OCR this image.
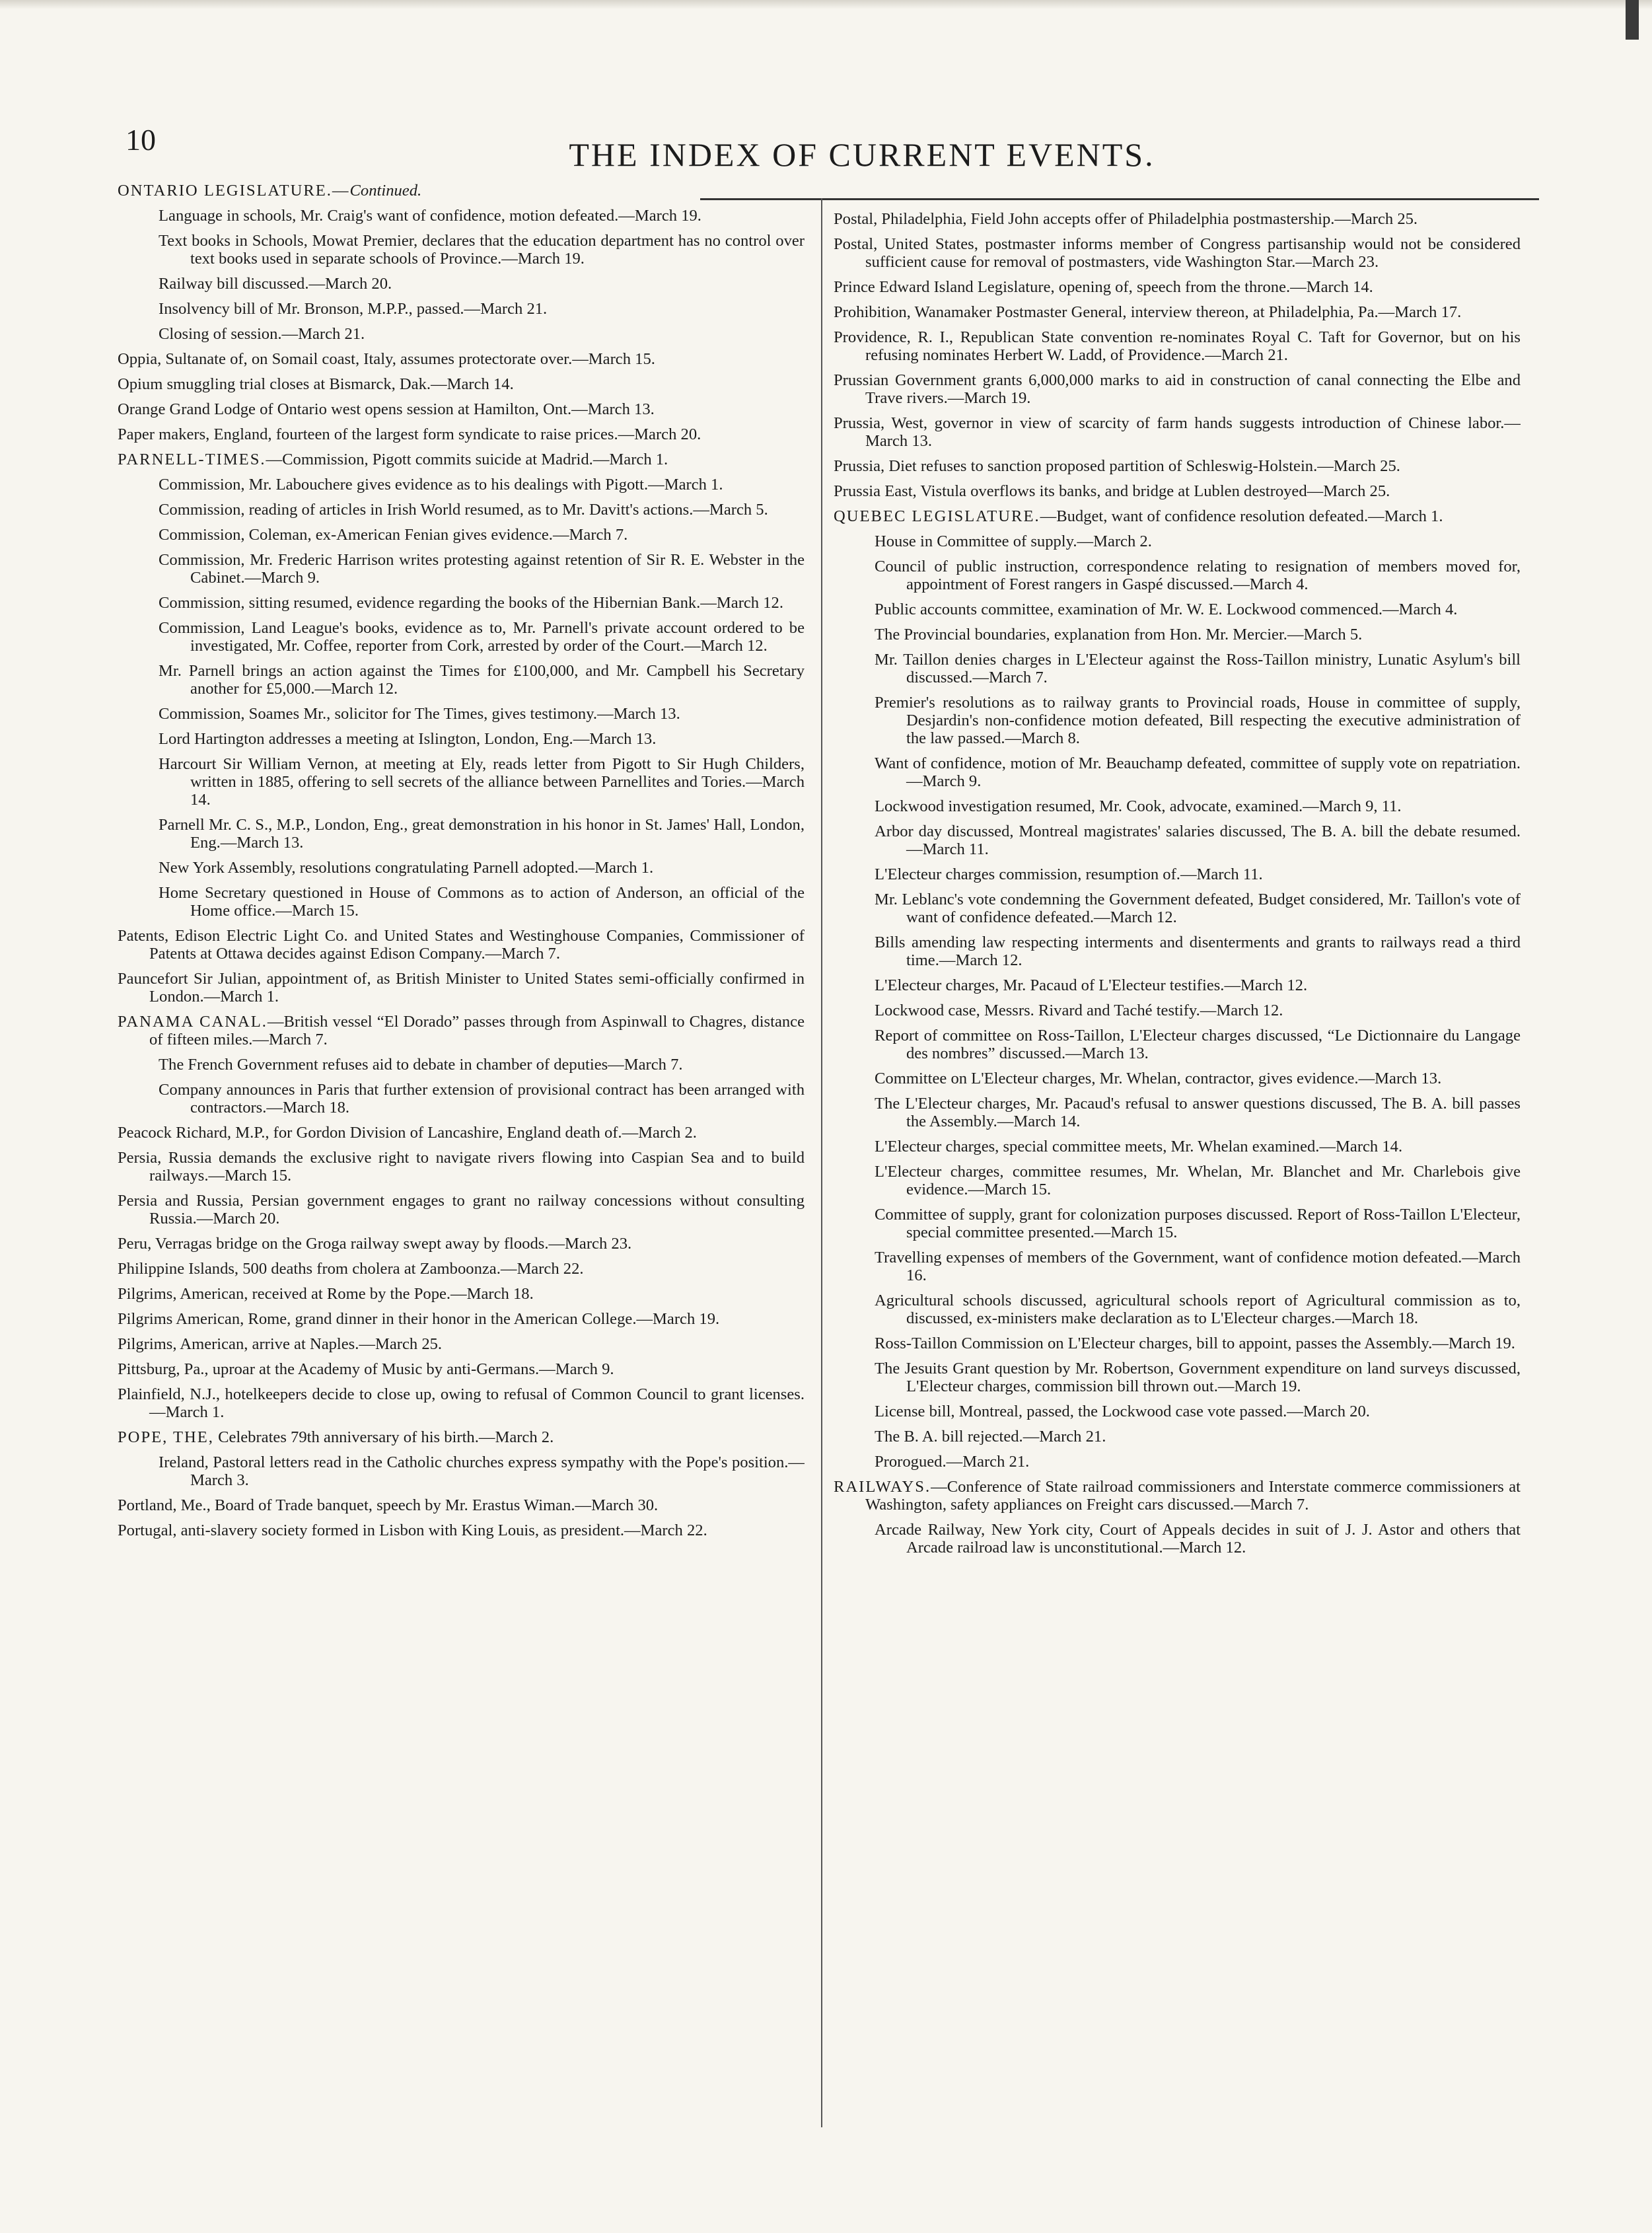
10	THE INDEX OF CURRENT EVENTS.

ONTARIO LEGISLATURE.—Continued.

Language in schools, Mr. Craig's want of confidence, motion defeated.—March 19.

Text books in Schools, Mowat Premier, declares that the education department has no control over text books used in separate schools of Province.—March 19.

Railway bill discussed.—March 20.

Insolvency bill of Mr. Bronson, M.P.P., passed.—March 21.

Closing of session.—March 21.

Oppia, Sultanate of, on Somail coast, Italy, assumes protectorate over.—March 15.

Opium smuggling trial closes at Bismarck, Dak.—March 14.

Orange Grand Lodge of Ontario west opens session at Hamilton, Ont.—March 13.

Paper makers, England, fourteen of the largest form syndicate to raise prices.—March 20.

PARNELL-TIMES.—Commission, Pigott commits suicide at Madrid.—March 1.

Commission, Mr. Labouchere gives evidence as to his dealings with Pigott.—March 1.

Commission, reading of articles in Irish World resumed, as to Mr. Davitt's actions.—March 5.

Commission, Coleman, ex-American Fenian gives evidence.—March 7.

Commission, Mr. Frederic Harrison writes protesting against retention of Sir R. E. Webster in the Cabinet.—March 9.

Commission, sitting resumed, evidence regarding the books of the Hibernian Bank.—March 12.

Commission, Land League's books, evidence as to, Mr. Parnell's private account ordered to be investigated, Mr. Coffee, reporter from Cork, arrested by order of the Court.—March 12.

Mr. Parnell brings an action against the Times for £100,000, and Mr. Campbell his Secretary another for £5,000.—March 12.

Commission, Soames Mr., solicitor for The Times, gives testimony.—March 13.

Lord Hartington addresses a meeting at Islington, London, Eng.—March 13.

Harcourt Sir William Vernon, at meeting at Ely, reads letter from Pigott to Sir Hugh Childers, written in 1885, offering to sell secrets of the alliance between Parnellites and Tories.—March 14.

Parnell Mr. C. S., M.P., London, Eng., great demonstration in his honor in St. James' Hall, London, Eng.—March 13.

New York Assembly, resolutions congratulating Parnell adopted.—March 1.

Home Secretary questioned in House of Commons as to action of Anderson, an official of the Home office.—March 15.

Patents, Edison Electric Light Co. and United States and Westinghouse Companies, Commissioner of Patents at Ottawa decides against Edison Company.—March 7.

Pauncefort Sir Julian, appointment of, as British Minister to United States semi-officially confirmed in London.—March 1.

PANAMA CANAL.—British vessel “El Dorado” passes through from Aspinwall to Chagres, distance of fifteen miles.—March 7.

The French Government refuses aid to debate in chamber of deputies—March 7.

Company announces in Paris that further extension of provisional contract has been arranged with contractors.—March 18.

Peacock Richard, M.P., for Gordon Division of Lancashire, England death of.—March 2.

Persia, Russia demands the exclusive right to navigate rivers flowing into Caspian Sea and to build railways.—March 15.

Persia and Russia, Persian government engages to grant no railway concessions without consulting Russia.—March 20.

Peru, Verragas bridge on the Groga railway swept away by floods.—March 23.

Philippine Islands, 500 deaths from cholera at Zamboonza.—March 22.

Pilgrims, American, received at Rome by the Pope.—March 18.

Pilgrims American, Rome, grand dinner in their honor in the American College.—March 19.

Pilgrims, American, arrive at Naples.—March 25.

Pittsburg, Pa., uproar at the Academy of Music by anti-Germans.—March 9.

Plainfield, N.J., hotelkeepers decide to close up, owing to refusal of Common Council to grant licenses.—March 1.

POPE, THE, Celebrates 79th anniversary of his birth.—March 2.

Ireland, Pastoral letters read in the Catholic churches express sympathy with the Pope's position.—March 3.

Portland, Me., Board of Trade banquet, speech by Mr. Erastus Wiman.—March 30.

Portugal, anti-slavery society formed in Lisbon with King Louis, as president.—March 22.

Postal, Philadelphia, Field John accepts offer of Philadelphia postmastership.—March 25.

Postal, United States, postmaster informs member of Congress partisanship would not be considered sufficient cause for removal of postmasters, vide Washington Star.—March 23.

Prince Edward Island Legislature, opening of, speech from the throne.—March 14.

Prohibition, Wanamaker Postmaster General, interview thereon, at Philadelphia, Pa.—March 17.

Providence, R. I., Republican State convention re-nominates Royal C. Taft for Governor, but on his refusing nominates Herbert W. Ladd, of Providence.—March 21.

Prussian Government grants 6,000,000 marks to aid in construction of canal connecting the Elbe and Trave rivers.—March 19.

Prussia, West, governor in view of scarcity of farm hands suggests introduction of Chinese labor.—March 13.

Prussia, Diet refuses to sanction proposed partition of Schleswig-Holstein.—March 25.

Prussia East, Vistula overflows its banks, and bridge at Lublen destroyed—March 25.

QUEBEC LEGISLATURE.—Budget, want of confidence resolution defeated.—March 1.

House in Committee of supply.—March 2.

Council of public instruction, correspondence relating to resignation of members moved for, appointment of Forest rangers in Gaspé discussed.—March 4.

Public accounts committee, examination of Mr. W. E. Lockwood commenced.—March 4.

The Provincial boundaries, explanation from Hon. Mr. Mercier.—March 5.

Mr. Taillon denies charges in L'Electeur against the Ross-Taillon ministry, Lunatic Asylum's bill discussed.—March 7.

Premier's resolutions as to railway grants to Provincial roads, House in committee of supply, Desjardin's non-confidence motion defeated, Bill respecting the executive administration of the law passed.—March 8.

Want of confidence, motion of Mr. Beauchamp defeated, committee of supply vote on repatriation.—March 9.

Lockwood investigation resumed, Mr. Cook, advocate, examined.—March 9, 11.

Arbor day discussed, Montreal magistrates' salaries discussed, The B. A. bill the debate resumed.—March 11.

L'Electeur charges commission, resumption of.—March 11.

Mr. Leblanc's vote condemning the Government defeated, Budget considered, Mr. Taillon's vote of want of confidence defeated.—March 12.

Bills amending law respecting interments and disenterments and grants to railways read a third time.—March 12.

L'Electeur charges, Mr. Pacaud of L'Electeur testifies.—March 12.

Lockwood case, Messrs. Rivard and Taché testify.—March 12.

Report of committee on Ross-Taillon, L'Electeur charges discussed, “Le Dictionnaire du Langage des nombres” discussed.—March 13.

Committee on L'Electeur charges, Mr. Whelan, contractor, gives evidence.—March 13.

The L'Electeur charges, Mr. Pacaud's refusal to answer questions discussed, The B. A. bill passes the Assembly.—March 14.

L'Electeur charges, special committee meets, Mr. Whelan examined.—March 14.

L'Electeur charges, committee resumes, Mr. Whelan, Mr. Blanchet and Mr. Charlebois give evidence.—March 15.

Committee of supply, grant for colonization purposes discussed. Report of Ross-Taillon L'Electeur, special committee presented.—March 15.

Travelling expenses of members of the Government, want of confidence motion defeated.—March 16.

Agricultural schools discussed, agricultural schools report of Agricultural commission as to, discussed, ex-ministers make declaration as to L'Electeur charges.—March 18.

Ross-Taillon Commission on L'Electeur charges, bill to appoint, passes the Assembly.—March 19.

The Jesuits Grant question by Mr. Robertson, Government expenditure on land surveys discussed, L'Electeur charges, commission bill thrown out.—March 19.

License bill, Montreal, passed, the Lockwood case vote passed.—March 20.

The B. A. bill rejected.—March 21.

Prorogued.—March 21.

RAILWAYS.—Conference of State railroad commissioners and Interstate commerce commissioners at Washington, safety appliances on Freight cars discussed.—March 7.

Arcade Railway, New York city, Court of Appeals decides in suit of J. J. Astor and others that Arcade railroad law is unconstitutional.—March 12.
